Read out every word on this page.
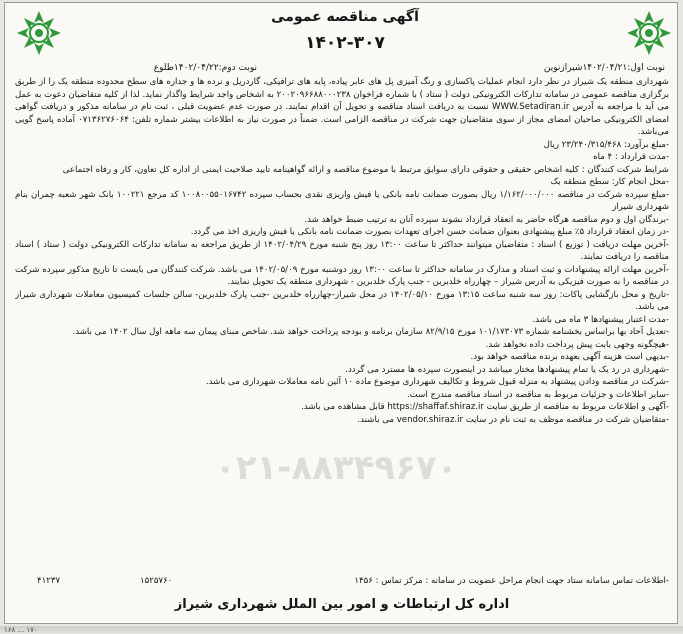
آگهی مناقصه عمومی
۱۴۰۲-۳۰۷
نوبت اول:۱۴۰۲/۰۴/۲۱شیرازنوین
نوبت دوم:۱۴۰۲/۰۴/۲۲طلوع

شهرداری منطقه یک شیراز در نظر دارد انجام عملیات پاکسازی و رنگ آمیزی پل های عابر پیاده، پایه های ترافیکی، گاردریل و نرده ها و جداره های سطح محدوده منطقه یک را از طریق برگزاری مناقصه عمومی در سامانه تدارکات الکترونیکی دولت ( ستاد ) با شماره فراخوان ۲۰۰۲۰۹۶۶۸۸۰۰۰۲۳۸ به اشخاص واجد شرایط واگذار نماید. لذا از کلیه متقاضیان دعوت به عمل می آید با مراجعه به آدرس WWW.Setadiran.ir نسبت به دریافت اسناد مناقصه و تحویل آن اقدام نمایند. در صورت عدم عضویت قبلی ، ثبت نام در سامانه مذکور و دریافت گواهی امضای الکترونیکی صاحبان امضای مجاز از سوی متقاضیان جهت شرکت در مناقصه الزامی است. ضمناً در صورت نیاز به اطلاعات بیشتر شماره تلفن: ۰۷۱۳۶۲۷۶۰۶۴ آماده پاسخ گویی می‌باشد.

-مبلغ برآورد: ۲۳/۲۴۰/۳۱۵/۴۶۸ ریال

-مدت قرارداد : ۴ ماه

شرایط شرکت کنندگان : کلیه اشخاص حقیقی و حقوقی دارای سوابق مرتبط با موضوع مناقصه و ارائه گواهینامه تایید صلاحیت ایمنی از اداره کل تعاون، کار و رفاه اجتماعی

-محل انجام کار: سطح منطقه یک

-مبلغ سپرده شرکت در مناقصه ۱/۱۶۲/۰۰۰/۰۰۰ ریال بصورت ضمانت نامه بانکی یا فیش واریزی نقدی بحساب سپرده ۱۰۰۸۰۰۵۵۰۱۶۷۴۲ کد مرجع ۱۰۰۲۲۱ بانک شهر شعبه چمران بنام شهرداری شیراز

-برندگان اول و دوم مناقصه هرگاه حاضر به انعقاد قرارداد نشوند سپرده آنان به ترتیب ضبط خواهد شد.

-در زمان انعقاد قرارداد ۵٪ مبلغ پیشنهادی بعنوان ضمانت حسن اجرای تعهدات بصورت ضمانت نامه بانکی یا فیش واریزی اخذ می گردد.

-آخرین مهلت دریافت ( توزیع ) اسناد : متقاضیان میتوانند حداکثر تا ساعت ۱۳:۰۰ روز پنج شنبه مورخ ۱۴۰۲/۰۴/۲۹ از طریق مراجعه به سامانه تدارکات الکترونیکی دولت ( ستاد ) اسناد مناقصه را دریافت نمایند.

-آخرین مهلت ارائه پیشنهادات و ثبت اسناد و مدارک در سامانه حداکثر تا ساعت ۱۳:۰۰ روز دوشنبه مورخ ۱۴۰۲/۰۵/۰۹ می باشد. شرکت کنندگان می بایست تا تاریخ مذکور سپرده شرکت در مناقصه را به صورت فیزیکی به آدرس شیراز – چهارراه خلدبرین - جنب پارک خلدبرین - شهرداری منطقه یک تحویل نمایند.

-تاریخ و محل بازگشایی پاکات: روز سه شنبه ساعت ۱۳:۱۵ مورخ ۱۴۰۲/۰۵/۱۰ در محل شیراز-چهارراه خلدبرین -جنب پارک خلدبرین- سالن جلسات کمیسیون معاملات شهرداری شیراز می باشد.

-مدت اعتبار پیشنهادها ۳ ماه می باشد.

-تعدیل آحاد بها براساس بخشنامه شماره ۱۰۱/۱۷۳۰۷۳ مورخ ۸۲/۹/۱۵ سازمان برنامه و بودجه پرداخت خواهد شد. شاخص مبنای پیمان سه ماهه اول سال ۱۴۰۲ می باشد.

-هیچگونه وجهی بابت پیش پرداخت داده نخواهد شد.

-بدیهی است هزینه آگهی بعهده برنده مناقصه خواهد بود.

-شهرداری در رد یک یا تمام پیشنهادها مختار میباشد در اینصورت سپرده ها مسترد می گردد.

-شرکت در مناقصه ودادن پیشنهاد به منزله قبول شروط و تکالیف شهرداری موضوع ماده ۱۰ آئین نامه معاملات شهرداری می باشد.

-سایر اطلاعات و جزئیات مربوط به مناقصه در اسناد مناقصه مندرج است.

-آگهی و اطلاعات مربوط به مناقصه از طریق سایت https://shaffaf.shiraz.ir قابل مشاهده می باشد.

-متقاضیان شرکت در مناقصه موظف به ثبت نام در سایت vendor.shiraz.ir می باشند.

۰۲۱-۸۸۳۴۹۶۷۰
-اطلاعات تماس سامانه ستاد جهت انجام مراحل عضویت در سامانه : مرکز تماس : ۱۴۵۶
۱۵۲۵۷۶۰
۴۱۲۳۷
اداره کل ارتباطات و امور بین الملل شهرداری شیراز
۱۶۸ ... ۱۷۰
